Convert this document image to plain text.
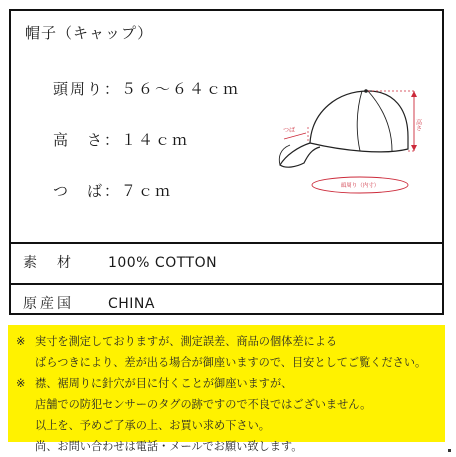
帽子（キャップ）
頭周り：５６～６４ｃｍ
高　さ：１４ｃｍ
つ　ば：７ｃｍ
高さ
つば
頭周り（内寸）
素　材 100% COTTON
原産国 CHINA
※ 実寸を測定しておりますが、測定誤差、商品の個体差による
ばらつきにより、差が出る場合が御座いますので、目安としてご覧ください。
※ 襟、裾周りに針穴が目に付くことが御座いますが、
店舗での防犯センサーのタグの跡ですので不良ではございません。
以上を、予めご了承の上、お買い求め下さい。
尚、お問い合わせは電話・メールでお願い致します。
